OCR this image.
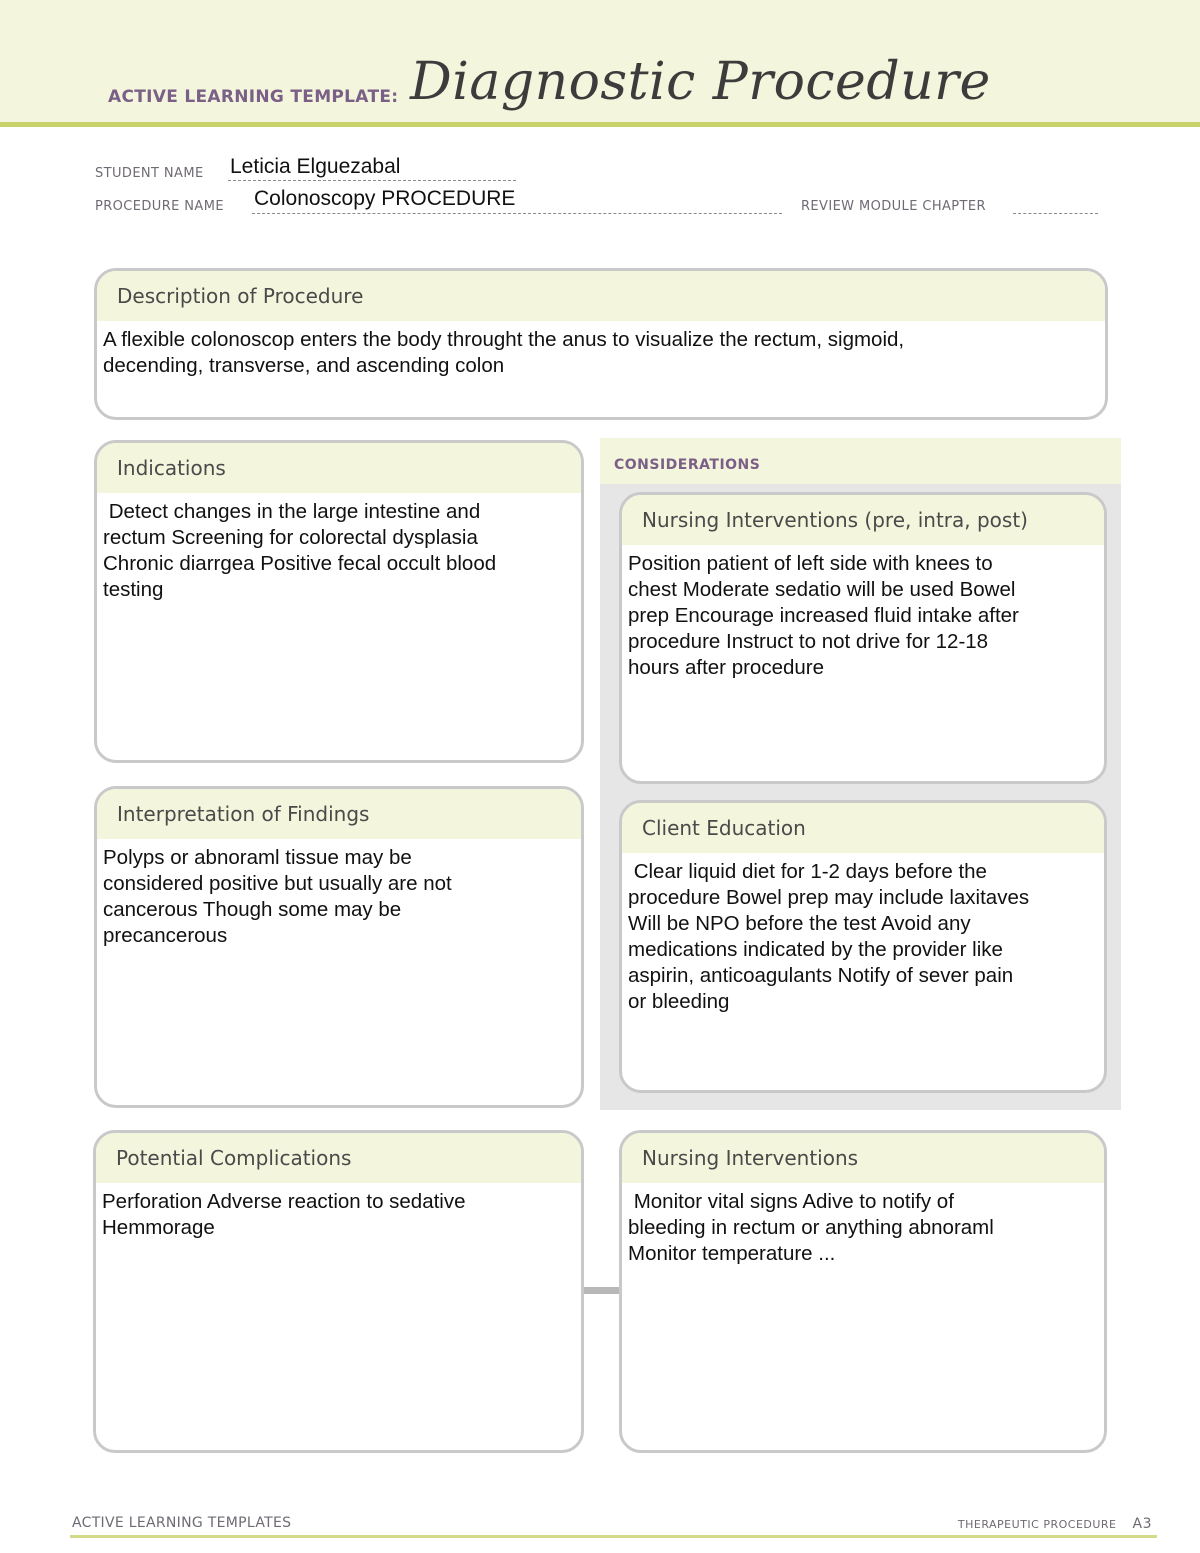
ACTIVE LEARNING TEMPLATE: Diagnostic Procedure
STUDENT NAME Leticia Elguezabal
PROCEDURE NAME Colonoscopy PROCEDURE	REVIEW MODULE CHAPTER
Description of Procedure
A flexible colonoscop enters the body throught the anus to visualize the rectum, sigmoid,
decending, transverse, and ascending colon
CONSIDERATIONS
Indications
Detect changes in the large intestine and
rectum Screening for colorectal dysplasia
Chronic diarrgea Positive fecal occult blood
testing
Nursing Interventions (pre, intra, post)
Position patient of left side with knees to
chest Moderate sedatio will be used Bowel
prep Encourage increased fluid intake after
procedure Instruct to not drive for 12-18
hours after procedure
Interpretation of Findings
Polyps or abnoraml tissue may be
considered positive but usually are not
cancerous Though some may be
precancerous
Client Education
Clear liquid diet for 1-2 days before the
procedure Bowel prep may include laxitaves
Will be NPO before the test Avoid any
medications indicated by the provider like
aspirin, anticoagulants Notify of sever pain
or bleeding
Potential Complications
Perforation Adverse reaction to sedative
Hemmorage
Nursing Interventions
Monitor vital signs Adive to notify of
bleeding in rectum or anything abnoraml
Monitor temperature ...
ACTIVE LEARNING TEMPLATES	THERAPEUTIC PROCEDURE A3
